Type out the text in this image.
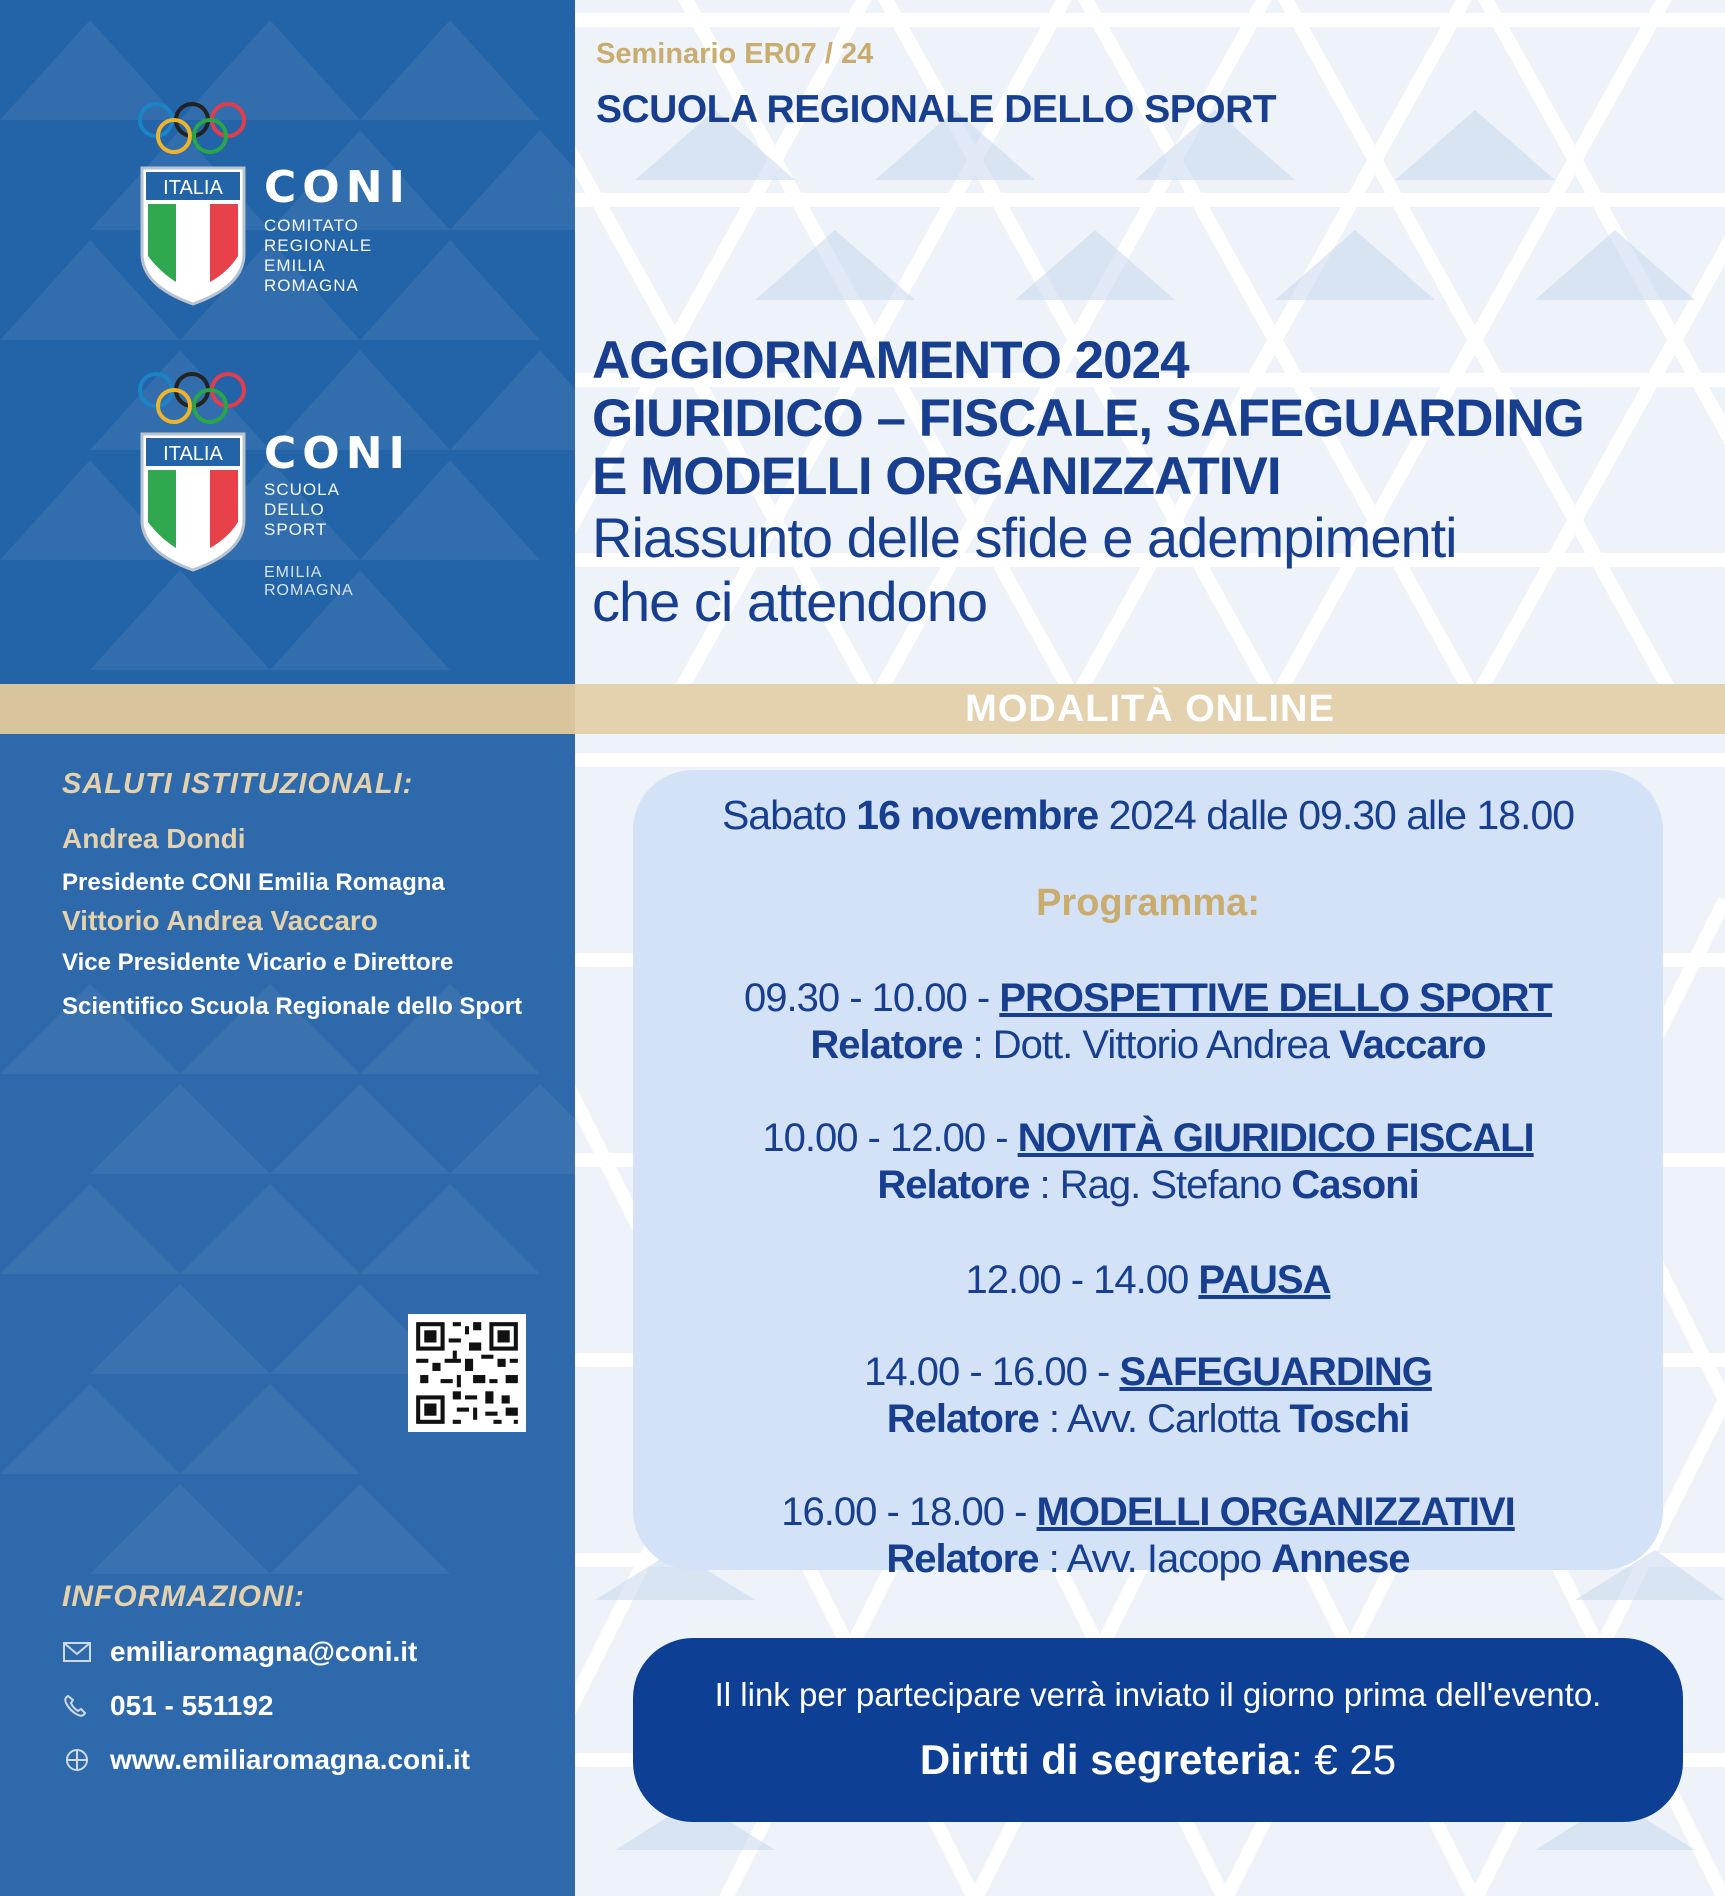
ITALIA CONI
COMITATO
REGIONALE
EMILIA ROMAGNA
ITALIA CONI
SCUOLA
DELLO SPORT
EMILIA ROMAGNA
Seminario ER07 / 24
SCUOLA REGIONALE DELLO SPORT
AGGIORNAMENTO 2024
GIURIDICO – FISCALE, SAFEGUARDING
E MODELLI ORGANIZZATIVI
Riassunto delle sfide e adempimenti
che ci attendono
MODALITÀ ONLINE
SALUTI ISTITUZIONALI:
Andrea Dondi
Presidente CONI Emilia Romagna
Vittorio Andrea Vaccaro
Vice Presidente Vicario e Direttore
Scientifico Scuola Regionale dello Sport
INFORMAZIONI:
emiliaromagna@coni.it
051 - 551192
www.emiliaromagna.coni.it
Sabato 16 novembre 2024 dalle 09.30 alle 18.00
Programma:
09.30 - 10.00 - PROSPETTIVE DELLO SPORT
Relatore : Dott. Vittorio Andrea Vaccaro
10.00 - 12.00 - NOVITÀ GIURIDICO FISCALI
Relatore : Rag. Stefano Casoni
12.00 - 14.00 PAUSA
14.00 - 16.00 - SAFEGUARDING
Relatore : Avv. Carlotta Toschi
16.00 - 18.00 - MODELLI ORGANIZZATIVI
Relatore : Avv. Iacopo Annese
Il link per partecipare verrà inviato il giorno prima dell'evento.
Diritti di segreteria: € 25
